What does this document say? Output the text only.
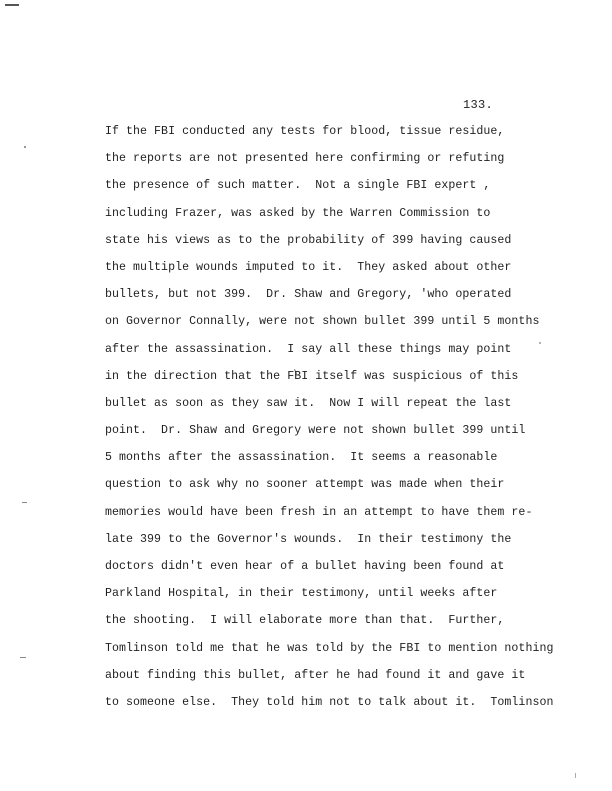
133.
If the FBI conducted any tests for blood, tissue residue,
the reports are not presented here confirming or refuting
the presence of such matter.  Not a single FBI expert ,
including Frazer, was asked by the Warren Commission to
state his views as to the probability of 399 having caused
the multiple wounds imputed to it.  They asked about other
bullets, but not 399.  Dr. Shaw and Gregory, 'who operated
on Governor Connally, were not shown bullet 399 until 5 months
after the assassination.  I say all these things may point
in the direction that the FBI itself was suspicious of this
bullet as soon as they saw it.  Now I will repeat the last
point.  Dr. Shaw and Gregory were not shown bullet 399 until
5 months after the assassination.  It seems a reasonable
question to ask why no sooner attempt was made when their
memories would have been fresh in an attempt to have them re-
late 399 to the Governor's wounds.  In their testimony the
doctors didn't even hear of a bullet having been found at
Parkland Hospital, in their testimony, until weeks after
the shooting.  I will elaborate more than that.  Further,
Tomlinson told me that he was told by the FBI to mention nothing
about finding this bullet, after he had found it and gave it
to someone else.  They told him not to talk about it.  Tomlinson
